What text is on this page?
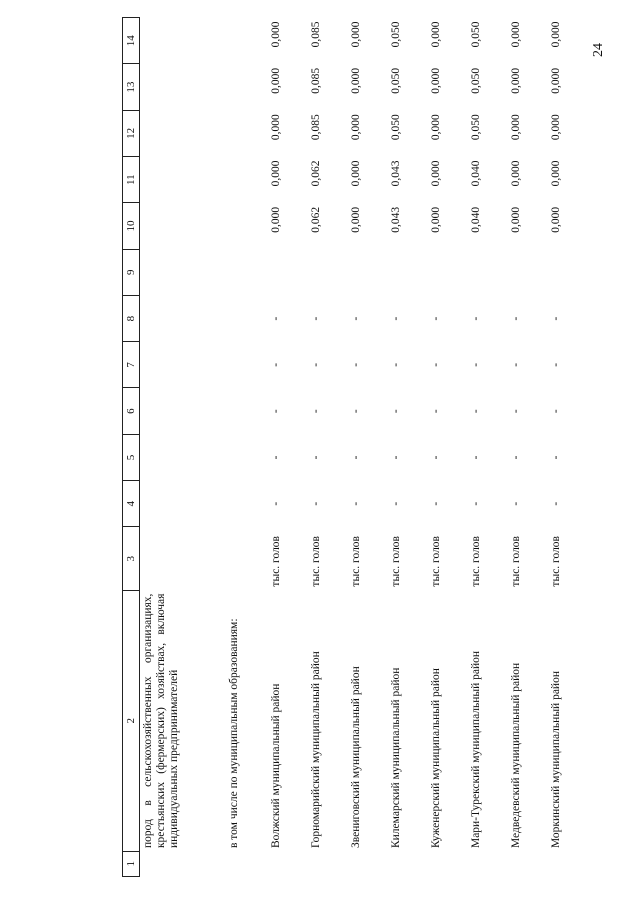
24
1	2	3	4	5	6	7	8	9	10	11	12	13	14
	пород в сельскохозяйственных организациях, крестьянских (фермерских) хозяйствах, включая индивидуальных предпринимателей												
	в том числе по муниципальным образованиям:												
	Волжский муниципальный район	тыс. голов	-	-	-	-	-		0,000	0,000	0,000	0,000	0,000
	Горномарийский муниципальный район	тыс. голов	-	-	-	-	-		0,062	0,062	0,085	0,085	0,085
	Звениговский муниципальный район	тыс. голов	-	-	-	-	-		0,000	0,000	0,000	0,000	0,000
	Килемарский муниципальный район	тыс. голов	-	-	-	-	-		0,043	0,043	0,050	0,050	0,050
	Куженерский муниципальный район	тыс. голов	-	-	-	-	-		0,000	0,000	0,000	0,000	0,000
	Мари-Турекский муниципальный район	тыс. голов	-	-	-	-	-		0,040	0,040	0,050	0,050	0,050
	Медведевский муниципальный район	тыс. голов	-	-	-	-	-		0,000	0,000	0,000	0,000	0,000
	Моркинский муниципальный район	тыс. голов	-	-	-	-	-		0,000	0,000	0,000	0,000	0,000
